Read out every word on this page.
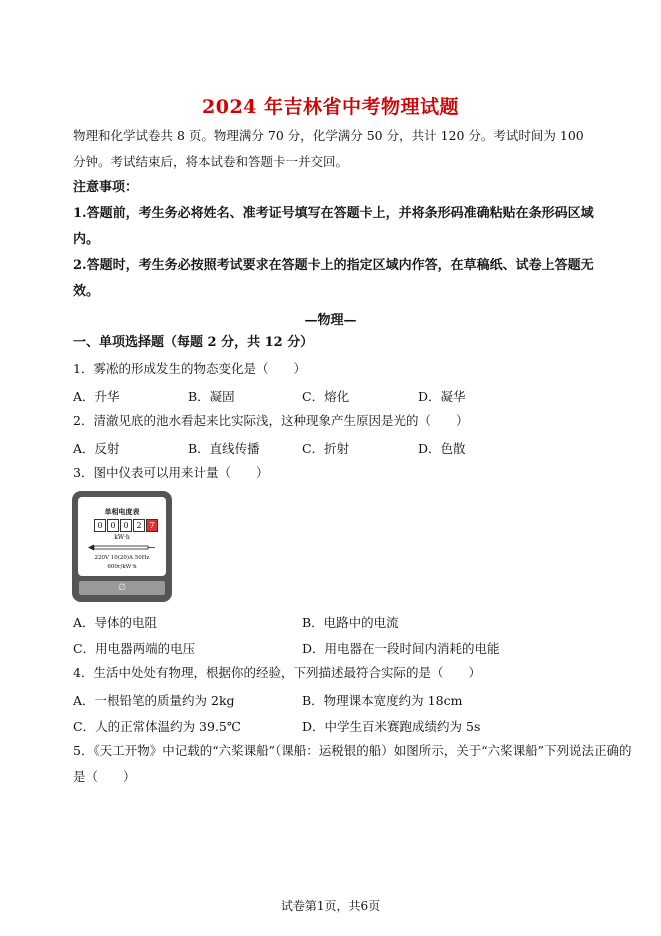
2024 年吉林省中考物理试题
物理和化学试卷共 8 页。物理满分 70 分，化学满分 50 分，共计 120 分。考试时间为 100
分钟。考试结束后，将本试卷和答题卡一并交回。
注意事项：
1.答题前，考生务必将姓名、准考证号填写在答题卡上，并将条形码准确粘贴在条形码区域
内。
2.答题时，考生务必按照考试要求在答题卡上的指定区域内作答，在草稿纸、试卷上答题无
效。
—物理—
一、单项选择题（每题 2 分，共 12 分）
1．雾凇的形成发生的物态变化是（　　）
A．升华	B．凝固	C．熔化	D．凝华
2．清澈见底的池水看起来比实际浅，这种现象产生原因是光的（　　）
A．反射	B．直线传播	C．折射	D．色散
3．图中仪表可以用来计量（　　）
单相电度表
0 0 0 2 7
kW·h
220V 10(20)A 50Hz
600r/kW·h
∅
A．导体的电阻	B．电路中的电流
C．用电器两端的电压	D．用电器在一段时间内消耗的电能
4．生活中处处有物理，根据你的经验，下列描述最符合实际的是（　　）
A．一根铅笔的质量约为 2kg	B．物理课本宽度约为 18cm
C．人的正常体温约为 39.5℃	D．中学生百米赛跑成绩约为 5s
5．《天工开物》中记载的“六桨课船”（课船：运税银的船）如图所示，关于“六桨课船”下列说法正确的
是（　　）
试卷第1页，共6页
